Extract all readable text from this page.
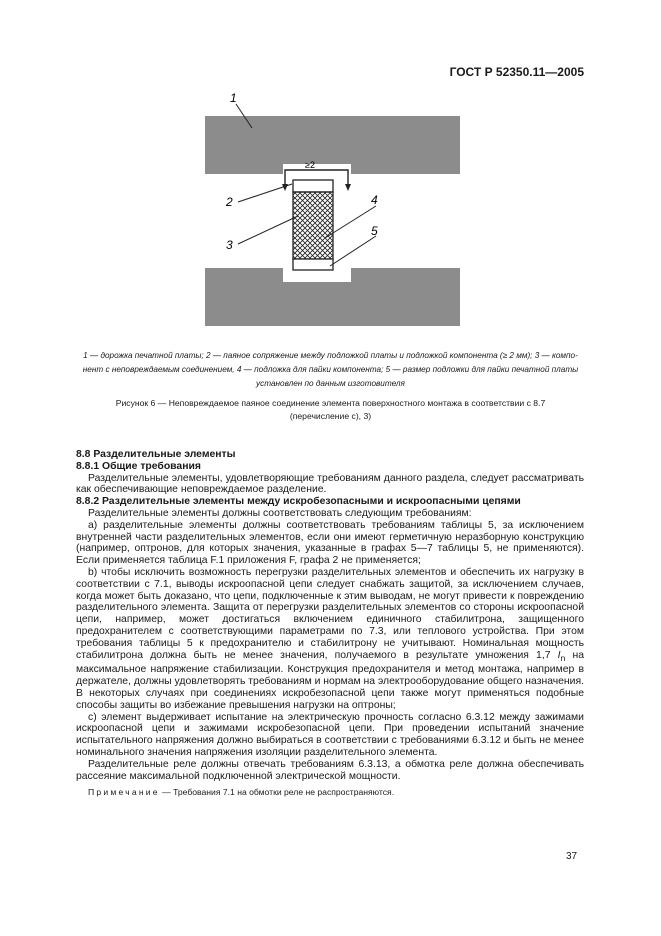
ГОСТ Р 52350.11—2005
1
2
3
4
5
≥2
1 — дорожка печатной платы; 2 — паяное сопряжение между подложкой платы и подложкой компонента (≥ 2 мм); 3 — компо-
нент с неповреждаемым соединением, 4 — подложка для пайки компонента; 5 — размер подложки для пайки печатной платы
установлен по данным изготовителя
Рисунок 6 — Неповреждаемое паяное соединение элемента поверхностного монтажа в соответствии с 8.7
(перечисление с), 3)

8.8 Разделительные элементы

8.8.1 Общие требования

Разделительные элементы, удовлетворяющие требованиям данного раздела, следует рассматривать как обеспечивающие неповреждаемое разделение.

8.8.2 Разделительные элементы между искробезопасными и искроопасными цепями

Разделительные элементы должны соответствовать следующим требованиям:

a) разделительные элементы должны соответствовать требованиям таблицы 5, за исключением внутренней части разделительных элементов, если они имеют герметичную неразборную конструкцию (например, оптронов, для которых значения, указанные в графах 5—7 таблицы 5, не применяются). Если применяется таблица F.1 приложения F, графа 2 не применяется;

b) чтобы исключить возможность перегрузки разделительных элементов и обеспечить их нагрузку в соответствии с 7.1, выводы искроопасной цепи следует снабжать защитой, за исключением случаев, когда может быть доказано, что цепи, подключенные к этим выводам, не могут привести к повреждению разделительного элемента. Защита от перегрузки разделительных элементов со стороны искроопасной цепи, например, может достигаться включением единичного стабилитрона, защищенного предохранителем с соответствующими параметрами по 7.3, или теплового устройства. При этом требования таблицы 5 к предохранителю и стабилитрону не учитывают. Номинальная мощность стабилитрона должна быть не менее значения, получаемого в результате умножения 1,7 $I_n$ на максимальное напряжение стабилизации. Конструкция предохранителя и метод монтажа, например в держателе, должны удовлетворять требованиям и нормам на электрооборудование общего назначения. В некоторых случаях при соединениях искробезопасной цепи также могут применяться подобные способы защиты во избежание превышения нагрузки на оптроны;

c) элемент выдерживает испытание на электрическую прочность согласно 6.3.12 между зажимами искроопасной цепи и зажимами искробезопасной цепи. При проведении испытаний значение испытательного напряжения должно выбираться в соответствии с требованиями 6.3.12 и быть не менее номинального значения напряжения изоляции разделительного элемента.

Разделительные реле должны отвечать требованиям 6.3.13, а обмотка реле должна обеспечивать рассеяние максимальной подключенной электрической мощности.

Примечание — Требования 7.1 на обмотки реле не распространяются.

37
